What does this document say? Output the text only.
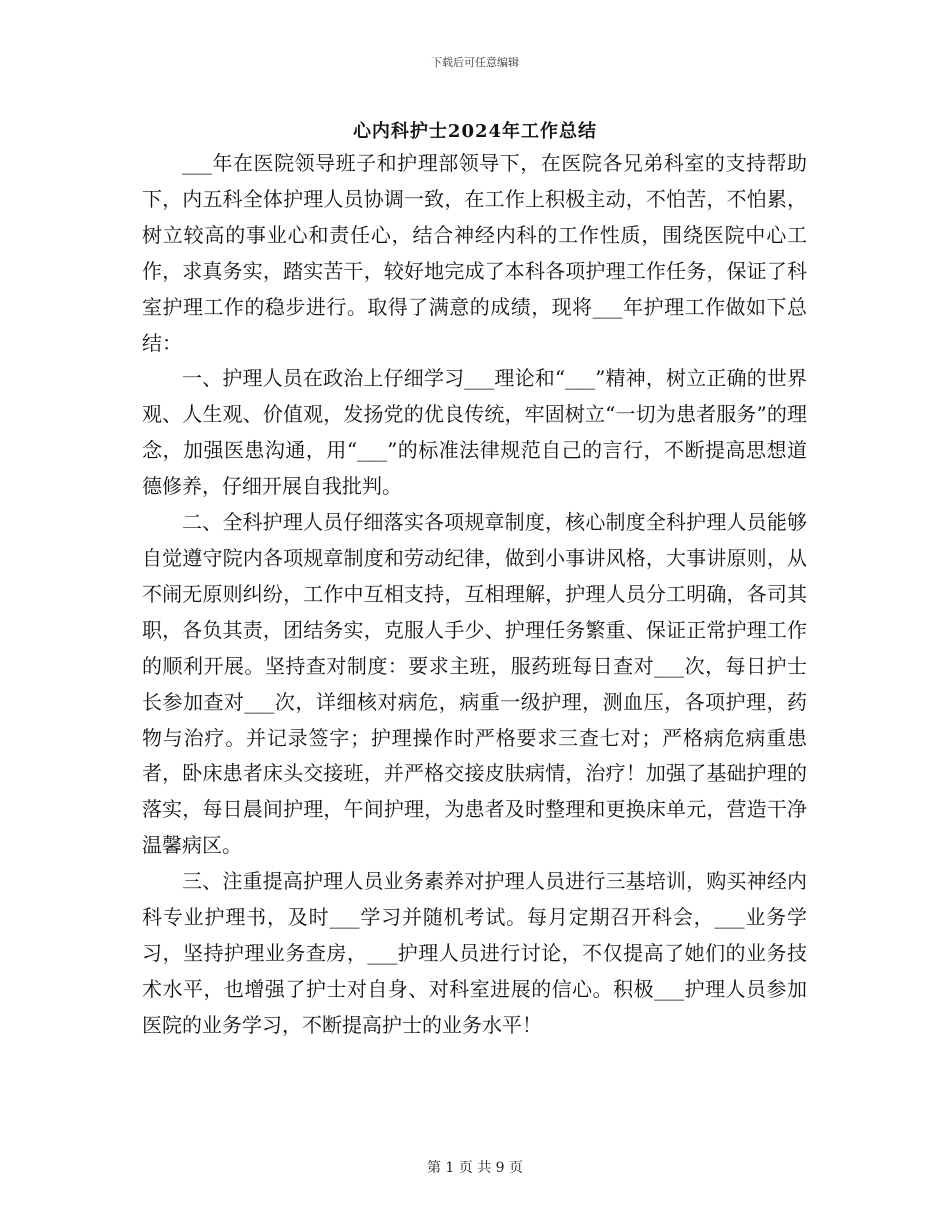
下载后可任意编辑
心内科护士2024年工作总结

___年在医院领导班子和护理部领导下，在医院各兄弟科室的支持帮助下，内五科全体护理人员协调一致，在工作上积极主动，不怕苦，不怕累，树立较高的事业心和责任心，结合神经内科的工作性质，围绕医院中心工作，求真务实，踏实苦干，较好地完成了本科各项护理工作任务，保证了科室护理工作的稳步进行。取得了满意的成绩，现将___年护理工作做如下总结：

一、护理人员在政治上仔细学习___理论和“___”精神，树立正确的世界观、人生观、价值观，发扬党的优良传统，牢固树立“一切为患者服务”的理念，加强医患沟通，用“___”的标准法律规范自己的言行，不断提高思想道德修养，仔细开展自我批判。

二、全科护理人员仔细落实各项规章制度，核心制度全科护理人员能够自觉遵守院内各项规章制度和劳动纪律，做到小事讲风格，大事讲原则，从不闹无原则纠纷，工作中互相支持，互相理解，护理人员分工明确，各司其职，各负其责，团结务实，克服人手少、护理任务繁重、保证正常护理工作的顺利开展。坚持查对制度：要求主班，服药班每日查对___次，每日护士长参加查对___次，详细核对病危，病重一级护理，测血压，各项护理，药物与治疗。并记录签字；护理操作时严格要求三查七对；严格病危病重患者，卧床患者床头交接班，并严格交接皮肤病情，治疗！加强了基础护理的落实，每日晨间护理，午间护理，为患者及时整理和更换床单元，营造干净温馨病区。

三、注重提高护理人员业务素养对护理人员进行三基培训，购买神经内科专业护理书，及时___学习并随机考试。每月定期召开科会，___业务学习，坚持护理业务查房，___护理人员进行讨论，不仅提高了她们的业务技术水平，也增强了护士对自身、对科室进展的信心。积极___护理人员参加医院的业务学习，不断提高护士的业务水平！

第 1 页 共 9 页
